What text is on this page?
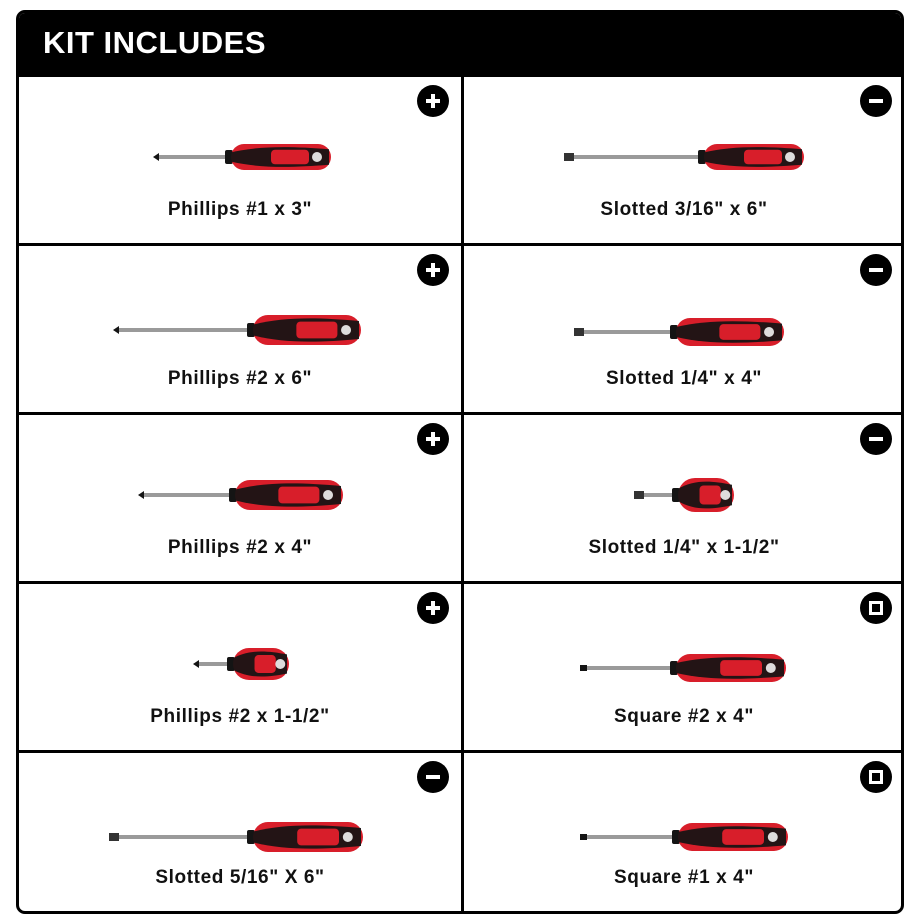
KIT INCLUDES
Phillips #1 x 3"	Slotted 3/16" x 6"
Phillips #2 x 6"	Slotted 1/4" x 4"
Phillips #2 x 4"	Slotted 1/4" x 1-1/2"
Phillips #2 x 1-1/2"	Square #2 x 4"
Slotted 5/16" X 6"	Square #1 x 4"
